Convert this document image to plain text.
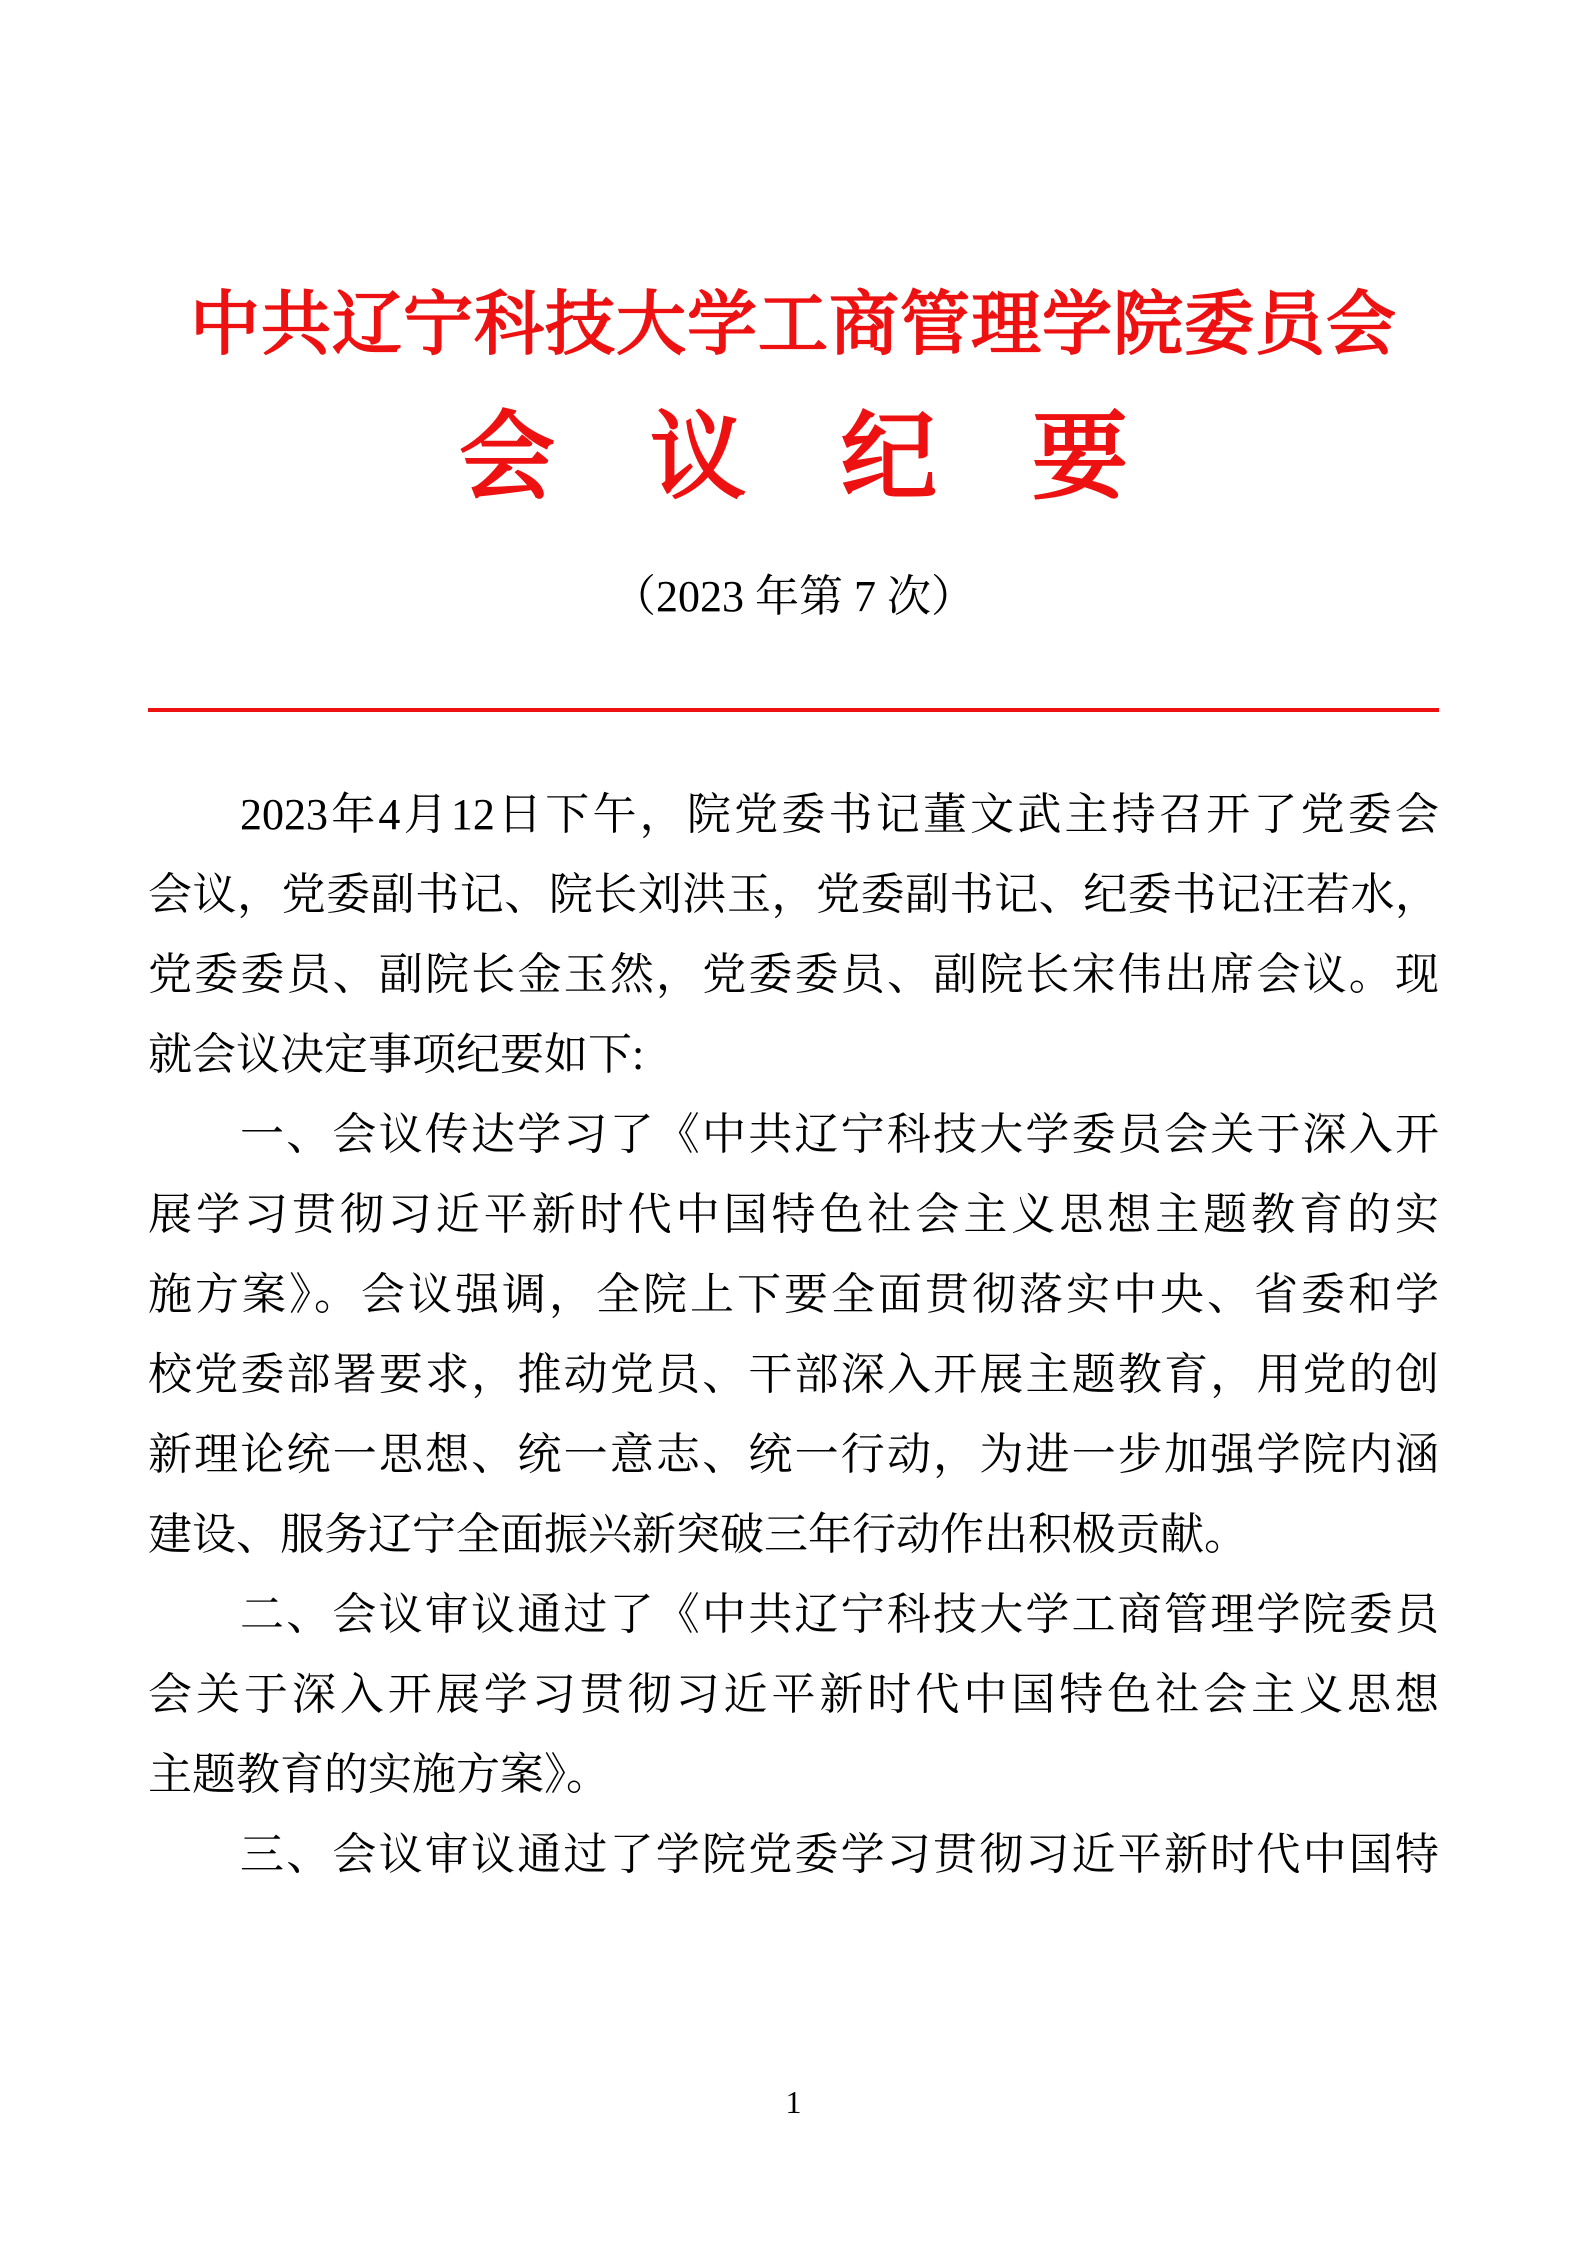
中共辽宁科技大学工商管理学院委员会
会议纪要
（2023 年第 7 次）
2023年4月12日下午，院党委书记董文武主持召开了党委会
会议，党委副书记、院长刘洪玉，党委副书记、纪委书记汪若水，
党委委员、副院长金玉然，党委委员、副院长宋伟出席会议。现
就会议决定事项纪要如下:
一、会议传达学习了《中共辽宁科技大学委员会关于深入开
展学习贯彻习近平新时代中国特色社会主义思想主题教育的实
施方案》。会议强调，全院上下要全面贯彻落实中央、省委和学
校党委部署要求，推动党员、干部深入开展主题教育，用党的创
新理论统一思想、统一意志、统一行动，为进一步加强学院内涵
建设、服务辽宁全面振兴新突破三年行动作出积极贡献。
二、会议审议通过了《中共辽宁科技大学工商管理学院委员
会关于深入开展学习贯彻习近平新时代中国特色社会主义思想
主题教育的实施方案》。
三、会议审议通过了学院党委学习贯彻习近平新时代中国特
1
